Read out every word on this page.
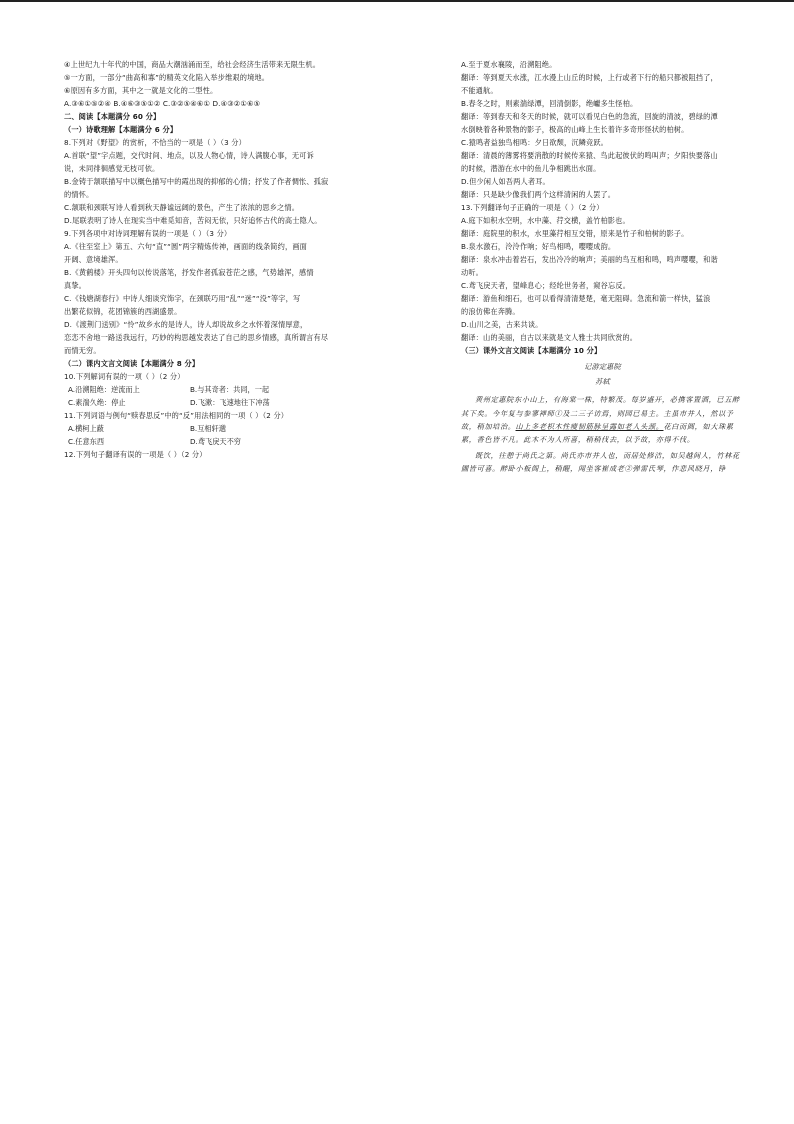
④上世纪九十年代的中国，商品大潮汹涌而至，给社会经济生活带来无限生机。
⑤一方面，一部分“曲高和寡”的精英文化陷入举步维艰的境地。
⑥原因有多方面，其中之一就是文化的二型性。
A.③⑥①⑤②④ B.④⑥③⑤①② C.③②⑤④⑥① D.④③②①⑥⑤
二、阅读【本题满分 60 分】
（一）诗歌理解【本题满分 6 分】
8.下列对《野望》的赏析，不恰当的一项是（ ）（3 分）
A.首联“望”字点题，交代时间、地点，以及人物心情，诗人满腹心事，无可诉
说，未同徘徊感觉无枝可依。
B.金铸于颔联描写中以概色描写中的霞出现的抑郁的心情；抒发了作者惆怅、孤寂
的情怀。
C.颔联和颈联写诗人看到秋天静谧远阔的景色，产生了浓浓的思乡之情。
D.尾联表明了诗人在现实当中难觅知音，苦闷无依，只好追怀古代的高士隐人。
9.下列各项中对诗词理解有误的一项是（ ）（3 分）
A.《往至室上》第五、六句“直”“圆”两字精炼传神，画面的线条简约，画面
开阔、意境雄浑。
B.《黄鹤楼》开头四句以传说落笔，抒发作者孤寂苍茫之感，气势雄浑，感情
真挚。
C.《钱塘湖春行》中诗人细谈究饰字，在颈联巧用“乱”“迷”“没”等字，写
出繁花似锦，花团锦簇的西湖盛景。
D.《渡荆门送别》“怜”故乡水的是诗人，诗人却说故乡之水怀着深情厚意，
恋恋不舍地一路送我远行，巧妙的构思越发表达了自己的思乡情感，真所谓言有尽
而情无穷。
（二）课内文言文阅读【本题满分 8 分】
10.下列解词有误的一项（ ）（2 分）
A.沿溯阻绝：逆流而上	B.与其奇者：共同，一起
C.素湍久绝：停止	D.飞漱：飞速地往下冲荡
11.下列词语与例句“赎春思反”中的“反”用法相同的一项（ ）（2 分）
A.横柯上蔽	B.互相轩邈
C.任意东西	D.鸢飞戾天不穷
12.下列句子翻译有误的一项是（ ）（2 分）
A.至于夏水襄陵，沿溯阻绝。
翻译：等到夏天水涨，江水漫上山丘的时候，上行或者下行的船只都被阻挡了，
不能通航。
B.春冬之时，则素湍绿潭，回清倒影，绝巘多生怪柏。
翻译：等到春天和冬天的时候，就可以看见白色的急流，回旋的清波，碧绿的潭
水倒映着各种景物的影子，极高的山峰上生长着许多奇形怪状的柏树。
C.猿鸣者益独鸟相鸣：夕日欲颓，沉鳞竞跃。
翻译：清晨的薄雾将要消散的时候传来猿、鸟此起彼伏的鸣叫声；夕阳快要落山
的时候，潜游在水中的鱼儿争相跳出水面。
D.但少闲人如吾两人者耳。
翻译：只是缺少像我们两个这样清闲的人罢了。
13.下列翻译句子正确的一项是（ ）（2 分）
A.庭下如积水空明，水中藻、荇交横，盖竹柏影也。
翻译：庭院里的积水，水里藻荇相互交错，原来是竹子和柏树的影子。
B.泉水激石，泠泠作响；好鸟相鸣，嘤嘤成韵。
翻译：泉水冲击着岩石，发出冷冷的响声；美丽的鸟互相和鸣，鸣声嘤嘤，和谐
动听。
C.鸢飞戾天者，望峰息心；经纶世务者，窥谷忘反。
翻译：游鱼和细石，也可以看得清清楚楚，毫无阻碍。急流和箭一样快，猛浪
的浪仿佛在奔腾。
D.山川之美，古来共谈。
翻译：山的美丽，自古以来就是文人雅士共同欣赏的。
（三）课外文言文阅读【本题满分 10 分】
记游定惠院
苏轼
黄州定惠院东小山上，有海棠一株，特繁茂。每岁盛开，必携客置酒，已五醉其下矣。今年复与参寥禅师①及二三子访焉，则园已易主。主虽市井人，然以予故，稍加培治。山上多老枳木性瘦韧筋脉呈露如老人头颈。花白而圆，如大珠累累，香色皆不凡。此木不为人所喜，稍稍伐去，以予故，亦得不伐。
既饮，往憩于尚氏之第。尚氏亦市井人也，而居处修洁，如吴越间人，竹林花圃皆可喜。醉卧小板阁上，稍醒，闻坐客崔成老②弹雷氏琴，作悲风晓月，铮
